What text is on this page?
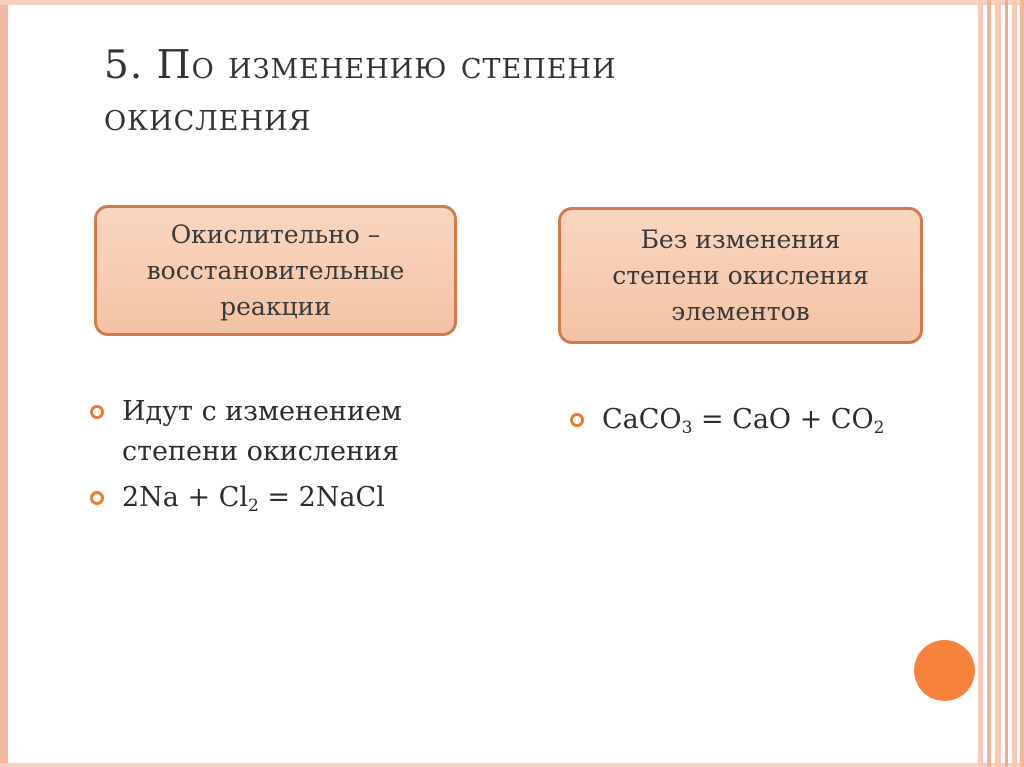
5. По изменению степени
окисления
Окислительно –
восстановительные
реакции
Без изменения
степени окисления
элементов
Идут с изменением
степени окисления
$2Na + Cl_2$ = 2NaCl
CaCO$_3$ = CaO + $CO_2$
